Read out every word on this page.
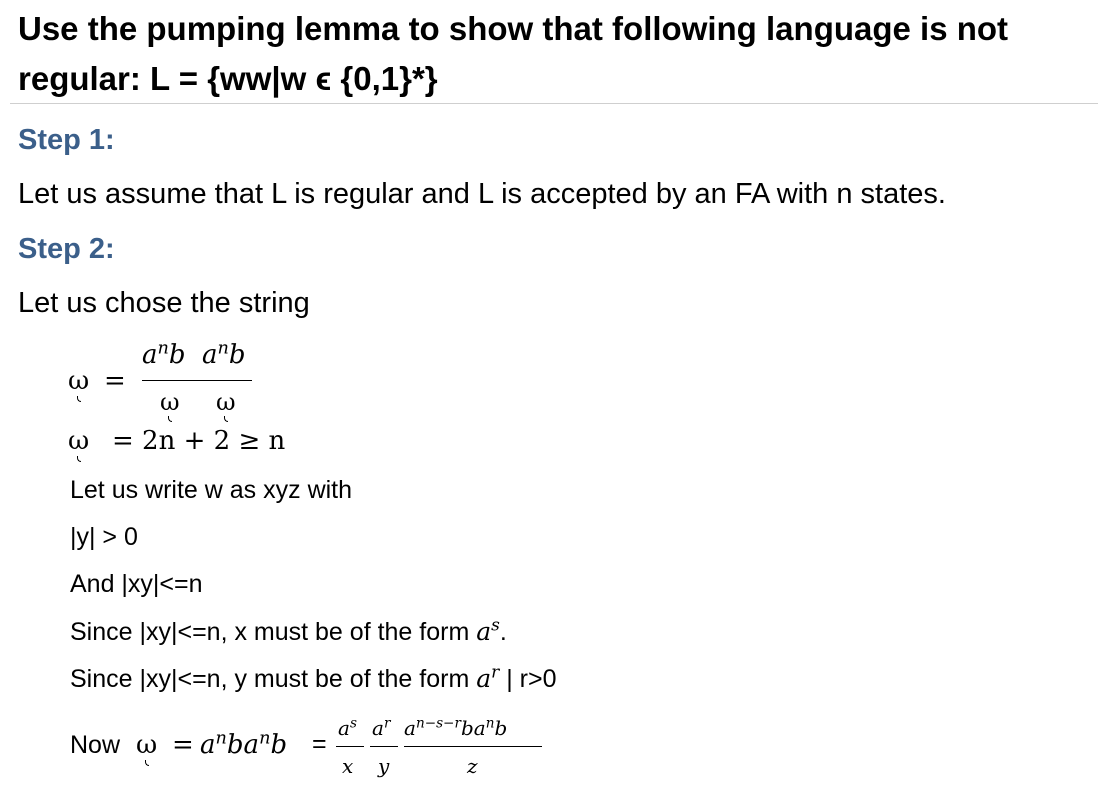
Use the pumping lemma to show that following language is not regular: L = {ww|w ϵ {0,1}*}

Step 1:

Let us assume that L is regular and L is accepted by an FA with n states.

Step 2:

Let us chose the string

ω =
$a^nb$ $a^nb$
ω ω
ω = 2n + 2 ≥ n

Let us write w as xyz with

|y| > 0

And |xy|<=n

Since |xy|<=n, x must be of the form $a^s$.

Since |xy|<=n, y must be of the form $a^r$ | r>0

Now $\omega = a^nba^nb$ =
$a^s$ $a^r$ $a^{n-s-r}ba^nb$
x y	z
